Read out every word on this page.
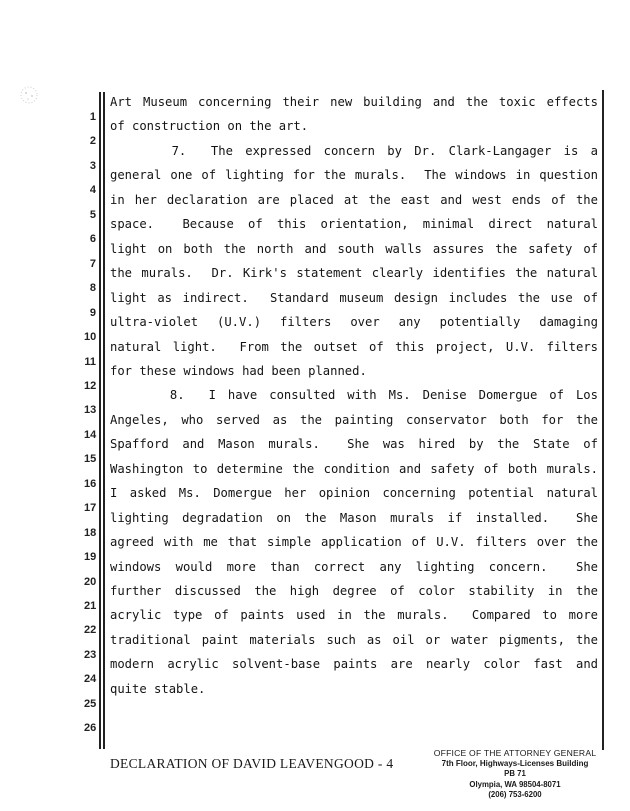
1
2
3
4
5
6
7
8
9
10
11
12
13
14
15
16
17
18
19
20
21
22
23
24
25
26
Art Museum concerning their new building and the toxic effects
of construction on the art.
7.  The expressed concern by Dr. Clark-Langager is a
general one of lighting for the murals.  The windows in question
in her declaration are placed at the east and west ends of the
space.  Because of this orientation, minimal direct natural
light on both the north and south walls assures the safety of
the murals.  Dr. Kirk's statement clearly identifies the natural
light as indirect.  Standard museum design includes the use of
ultra-violet (U.V.) filters over any potentially damaging
natural light.  From the outset of this project, U.V. filters
for these windows had been planned.
8.  I have consulted with Ms. Denise Domergue of Los
Angeles, who served as the painting conservator both for the
Spafford and Mason murals.  She was hired by the State of
Washington to determine the condition and safety of both murals.
I asked Ms. Domergue her opinion concerning potential natural
lighting degradation on the Mason murals if installed.  She
agreed with me that simple application of U.V. filters over the
windows would more than correct any lighting concern.  She
further discussed the high degree of color stability in the
acrylic type of paints used in the murals.  Compared to more
traditional paint materials such as oil or water pigments, the
modern acrylic solvent-base paints are nearly color fast and
quite stable.
DECLARATION OF DAVID LEAVENGOOD - 4
OFFICE OF THE ATTORNEY GENERAL
7th Floor, Highways-Licenses Building
PB 71
Olympia, WA 98504-8071
(206) 753-6200
